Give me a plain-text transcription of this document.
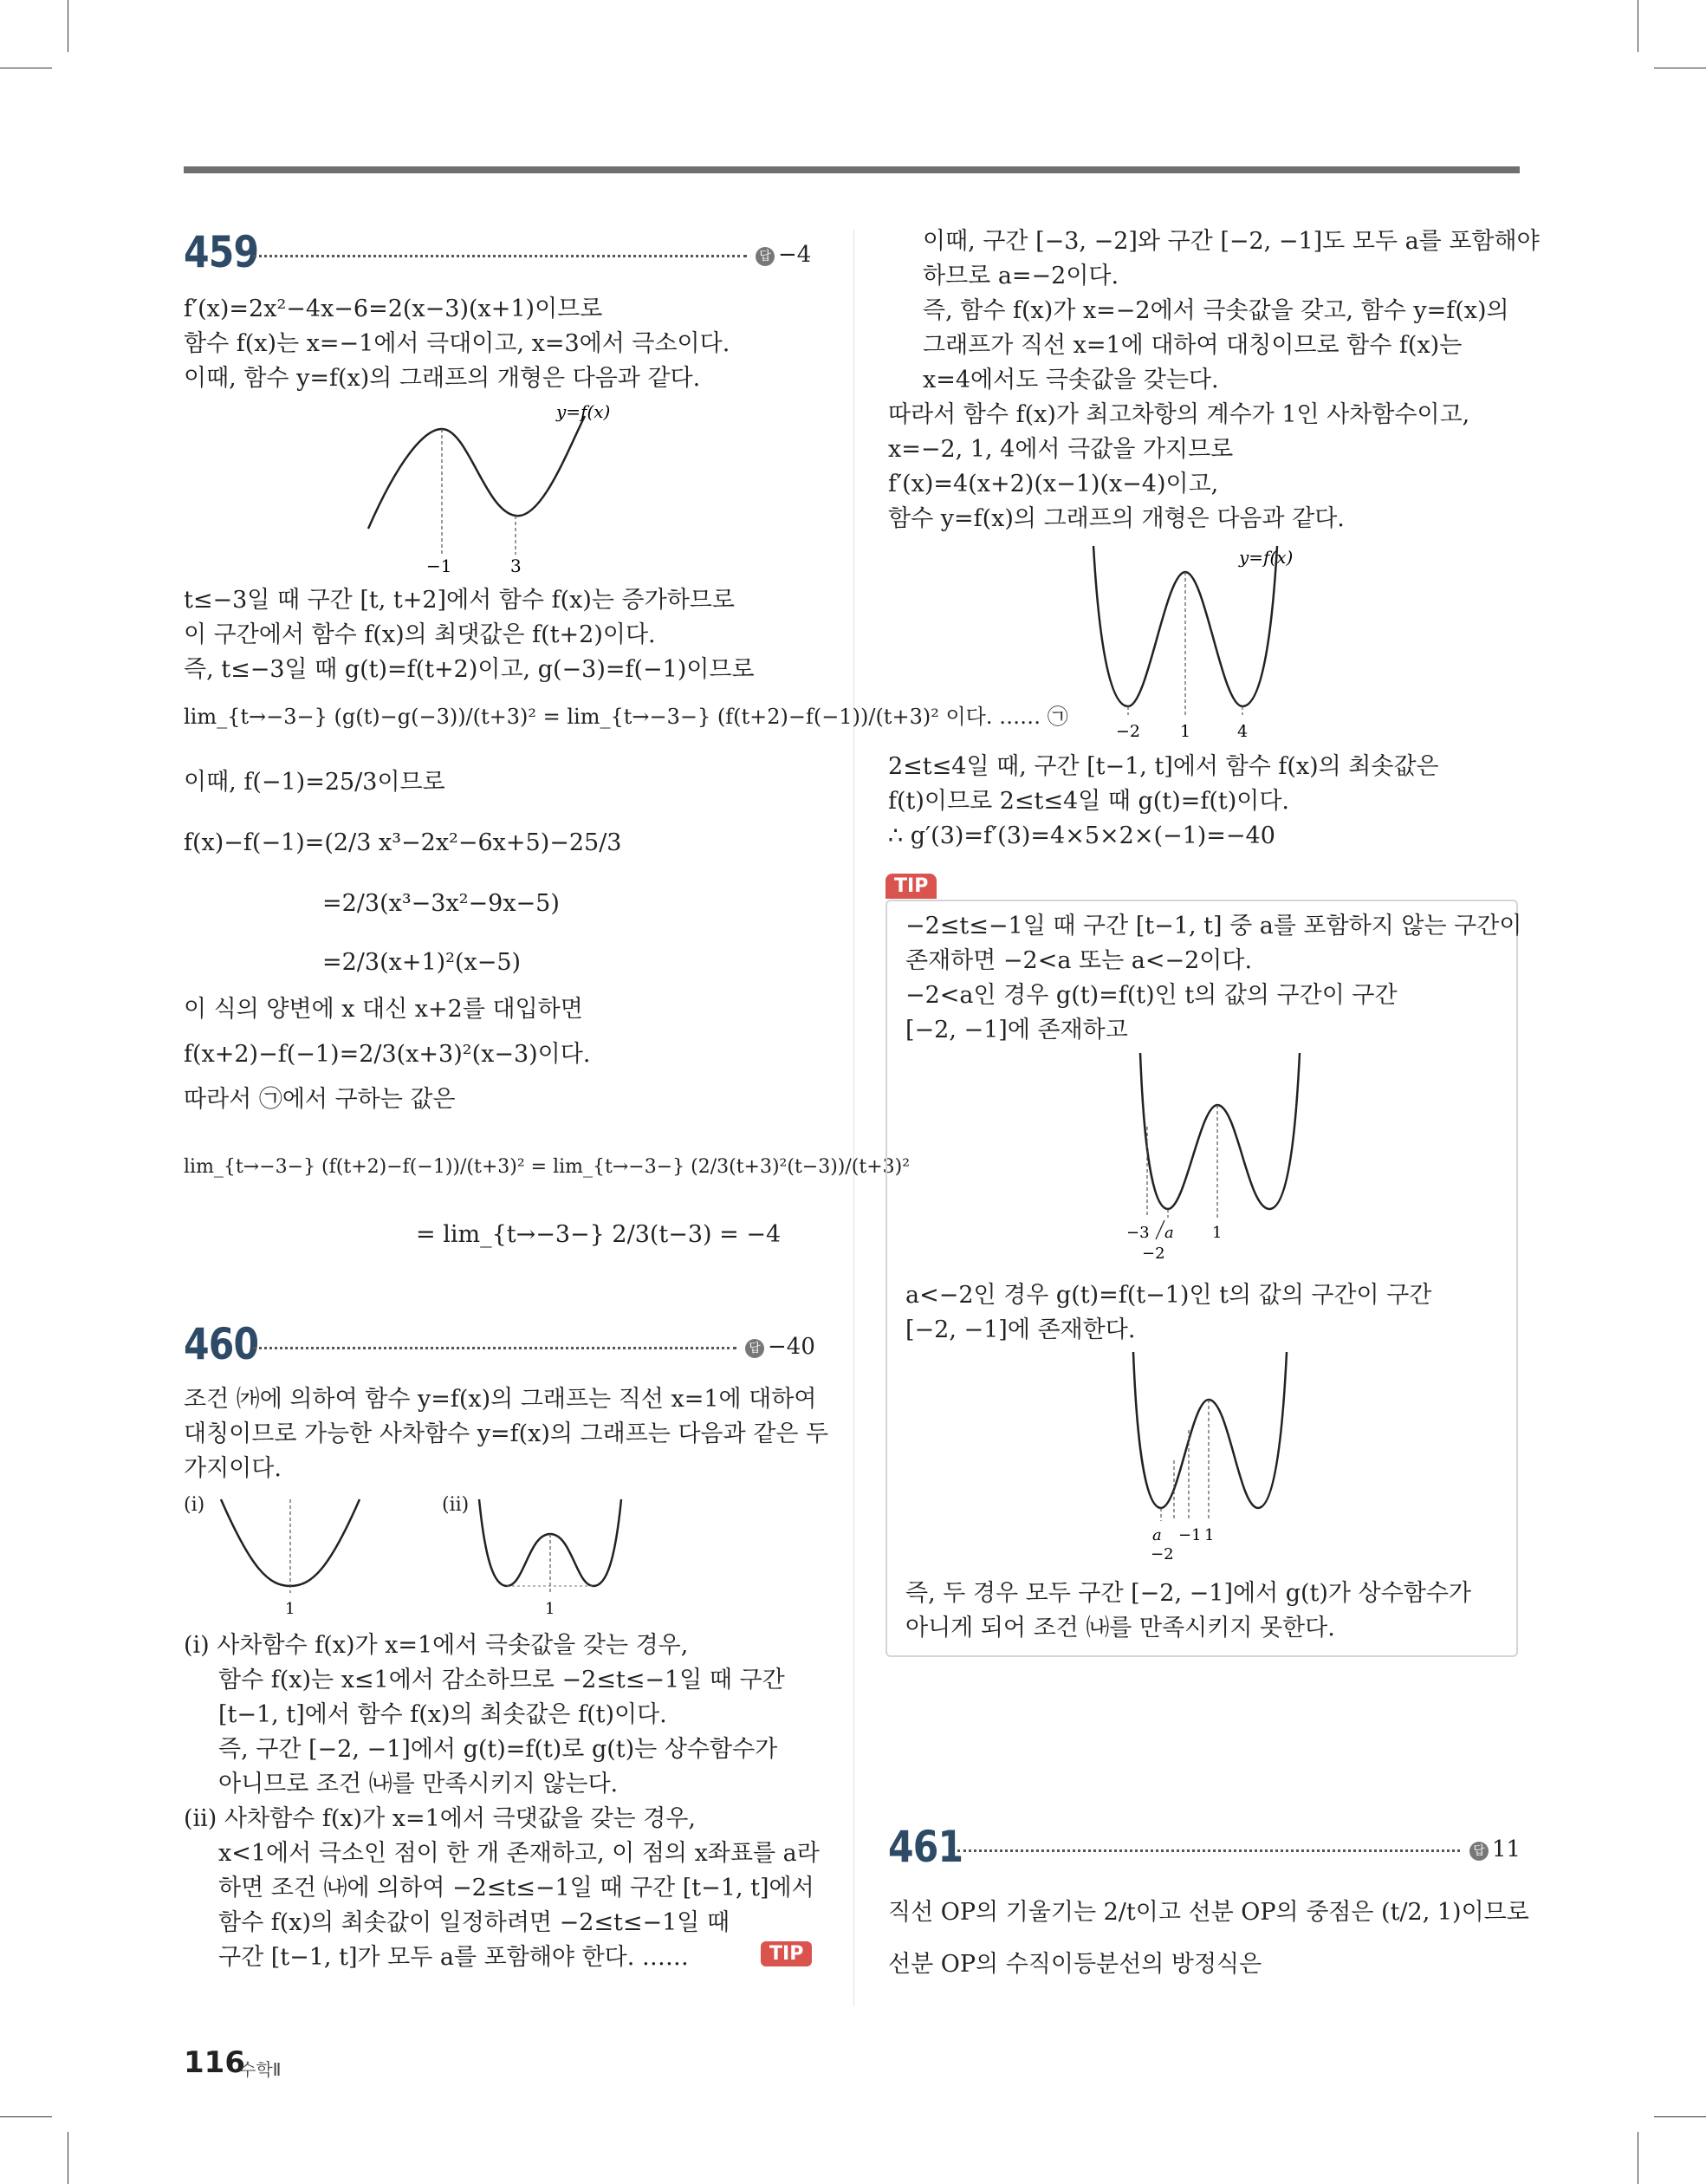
459	답 −4
f′(x)=2x²−4x−6=2(x−3)(x+1)이므로
함수 f(x)는 x=−1에서 극대이고, x=3에서 극소이다.
이때, 함수 y=f(x)의 그래프의 개형은 다음과 같다.
y=f(x)
−1	3
t≤−3일 때 구간 [t, t+2]에서 함수 f(x)는 증가하므로
이 구간에서 함수 f(x)의 최댓값은 f(t+2)이다.
즉, t≤−3일 때 g(t)=f(t+2)이고, g(−3)=f(−1)이므로
lim_{t→−3−} (g(t)−g(−3))/(t+3)² = lim_{t→−3−} (f(t+2)−f(−1))/(t+3)² 이다. …… ㉠
이때, f(−1)=25/3이므로
f(x)−f(−1)=(2/3 x³−2x²−6x+5)−25/3
=2/3(x³−3x²−9x−5)
=2/3(x+1)²(x−5)
이 식의 양변에 x 대신 x+2를 대입하면
f(x+2)−f(−1)=2/3(x+3)²(x−3)이다.
따라서 ㉠에서 구하는 값은
lim_{t→−3−} (f(t+2)−f(−1))/(t+3)² = lim_{t→−3−} (2/3(t+3)²(t−3))/(t+3)²
= lim_{t→−3−} 2/3(t−3) = −4
460	답 −40
조건 ㈎에 의하여 함수 y=f(x)의 그래프는 직선 x=1에 대하여
대칭이므로 가능한 사차함수 y=f(x)의 그래프는 다음과 같은 두
가지이다.
(ⅰ)
1
(ⅱ)
1
(ⅰ) 사차함수 f(x)가 x=1에서 극솟값을 갖는 경우,
함수 f(x)는 x≤1에서 감소하므로 −2≤t≤−1일 때 구간
[t−1, t]에서 함수 f(x)의 최솟값은 f(t)이다.
즉, 구간 [−2, −1]에서 g(t)=f(t)로 g(t)는 상수함수가
아니므로 조건 ㈏를 만족시키지 않는다.
(ⅱ) 사차함수 f(x)가 x=1에서 극댓값을 갖는 경우,
x<1에서 극소인 점이 한 개 존재하고, 이 점의 x좌표를 a라
하면 조건 ㈏에 의하여 −2≤t≤−1일 때 구간 [t−1, t]에서
함수 f(x)의 최솟값이 일정하려면 −2≤t≤−1일 때
구간 [t−1, t]가 모두 a를 포함해야 한다. ……	TIP
이때, 구간 [−3, −2]와 구간 [−2, −1]도 모두 a를 포함해야
하므로 a=−2이다.
즉, 함수 f(x)가 x=−2에서 극솟값을 갖고, 함수 y=f(x)의
그래프가 직선 x=1에 대하여 대칭이므로 함수 f(x)는
x=4에서도 극솟값을 갖는다.
따라서 함수 f(x)가 최고차항의 계수가 1인 사차함수이고,
x=−2, 1, 4에서 극값을 가지므로
f′(x)=4(x+2)(x−1)(x−4)이고,
함수 y=f(x)의 그래프의 개형은 다음과 같다.
y=f(x)
−2 1	4
2≤t≤4일 때, 구간 [t−1, t]에서 함수 f(x)의 최솟값은
f(t)이므로 2≤t≤4일 때 g(t)=f(t)이다.
∴ g′(3)=f′(3)=4×5×2×(−1)=−40
TIP
−2≤t≤−1일 때 구간 [t−1, t] 중 a를 포함하지 않는 구간이
존재하면 −2<a 또는 a<−2이다.
−2<a인 경우 g(t)=f(t)인 t의 값의 구간이 구간
[−2, −1]에 존재하고
−3 a 1
−2
a<−2인 경우 g(t)=f(t−1)인 t의 값의 구간이 구간
[−2, −1]에 존재한다.
a −1 1
−2
즉, 두 경우 모두 구간 [−2, −1]에서 g(t)가 상수함수가
아니게 되어 조건 ㈏를 만족시키지 못한다.
461	답 11
직선 OP의 기울기는 2/t이고 선분 OP의 중점은 (t/2, 1)이므로
선분 OP의 수직이등분선의 방정식은
116
수학Ⅱ
